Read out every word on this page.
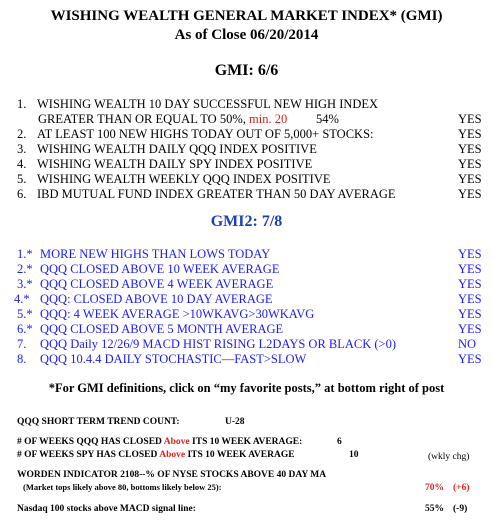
WISHING WEALTH GENERAL MARKET INDEX* (GMI)
As of Close 06/20/2014
GMI: 6/6
1. WISHING WEALTH 10 DAY SUCCESSFUL NEW HIGH INDEX
GREATER THAN OR EQUAL TO 50%, min. 20 54%	YES
2. AT LEAST 100 NEW HIGHS TODAY OUT OF 5,000+ STOCKS:	YES
3. WISHING WEALTH DAILY QQQ INDEX POSITIVE	YES
4. WISHING WEALTH DAILY SPY INDEX POSITIVE	YES
5. WISHING WEALTH WEEKLY QQQ INDEX POSITIVE	YES
6. IBD MUTUAL FUND INDEX GREATER THAN 50 DAY AVERAGE	YES
GMI2: 7/8
1.* MORE NEW HIGHS THAN LOWS TODAY	YES
2.* QQQ CLOSED ABOVE 10 WEEK AVERAGE	YES
3.* QQQ CLOSED ABOVE 4 WEEK AVERAGE	YES
4.* QQQ: CLOSED ABOVE 10 DAY AVERAGE	YES
5.* QQQ: 4 WEEK AVERAGE >10WKAVG>30WKAVG	YES
6.* QQQ CLOSED ABOVE 5 MONTH AVERAGE	YES
7. QQQ Daily 12/26/9 MACD HIST RISING L2DAYS OR BLACK (>0)	NO
8. QQQ 10.4.4 DAILY STOCHASTIC—FAST>SLOW	YES
*For GMI definitions, click on “my favorite posts,” at bottom right of post
QQQ SHORT TERM TREND COUNT:	U-28
# OF WEEKS QQQ HAS CLOSED Above ITS 10 WEEK AVERAGE:	6
# OF WEEKS SPY HAS CLOSED Above ITS 10 WEEK AVERAGE	10	(wkly chg)
WORDEN INDICATOR 2108--% OF NYSE STOCKS ABOVE 40 DAY MA
(Market tops likely above 80, bottoms likely below 25):	70% (+6)
Nasdaq 100 stocks above MACD signal line:	55% (-9)
